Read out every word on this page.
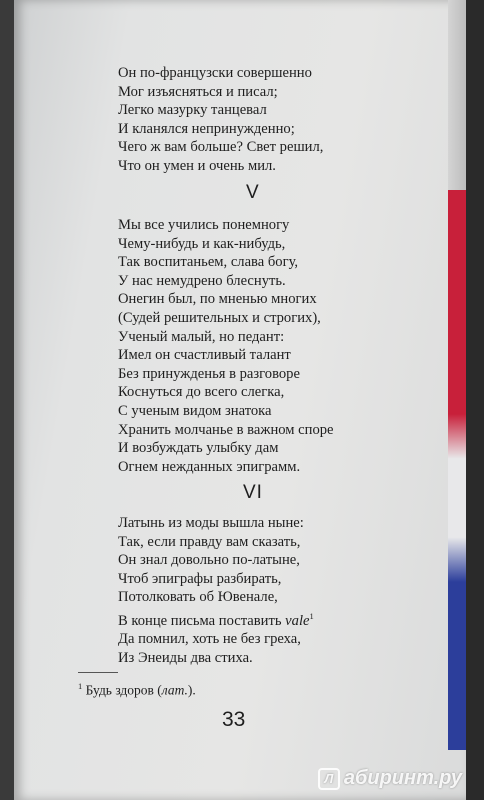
Он по-французски совершенно
Мог изъясняться и писал;
Легко мазурку танцевал
И кланялся непринужденно;
Чего ж вам больше? Свет решил,
Что он умен и очень мил.
V
Мы все учились понемногу
Чему-нибудь и как-нибудь,
Так воспитаньем, слава богу,
У нас немудрено блеснуть.
Онегин был, по мненью многих
(Судей решительных и строгих),
Ученый малый, но педант:
Имел он счастливый талант
Без принужденья в разговоре
Коснуться до всего слегка,
С ученым видом знатока
Хранить молчанье в важном споре
И возбуждать улыбку дам
Огнем нежданных эпиграмм.
VI
Латынь из моды вышла ныне:
Так, если правду вам сказать,
Он знал довольно по-латыне,
Чтоб эпиграфы разбирать,
Потолковать об Ювенале,
В конце письма поставить vale$^1$
Да помнил, хоть не без греха,
Из Энеиды два стиха.
$^1$ Будь здоров (лат.).
33
Л абиринт.ру
